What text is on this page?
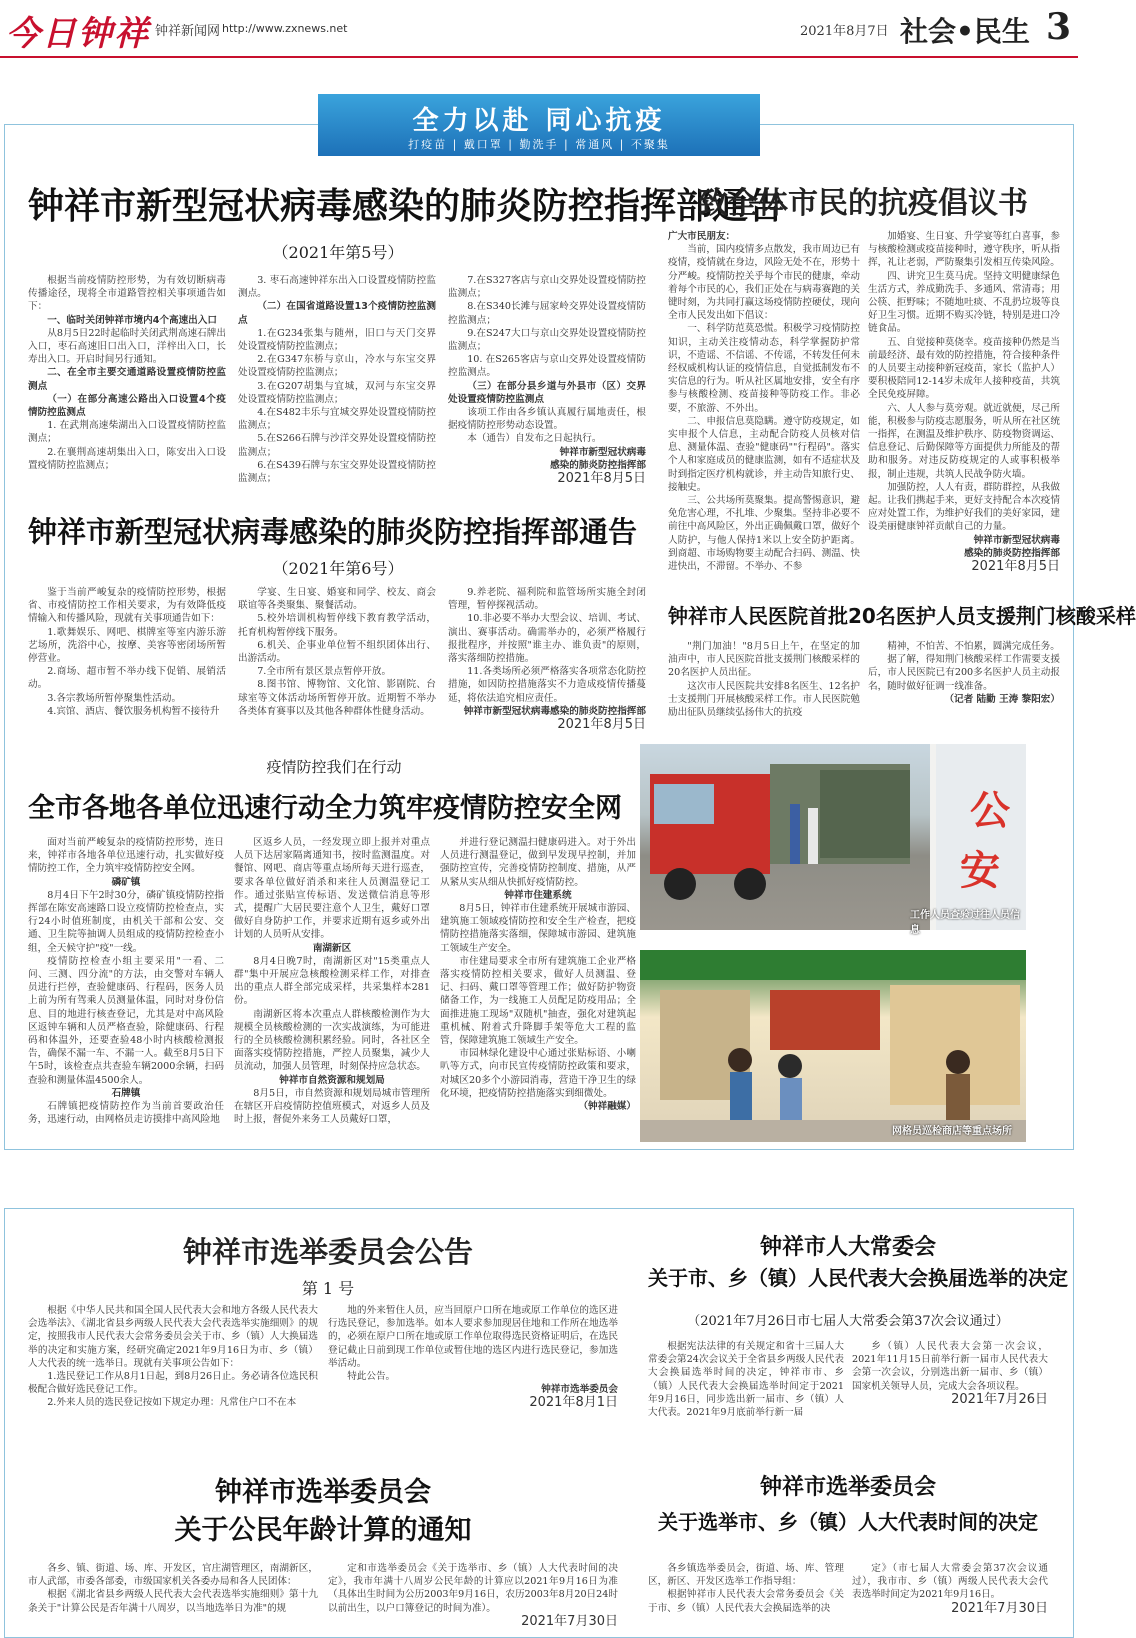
今日钟祥 钟祥新闻网 http://www.zxnews.net	2021年8月7日 社会•民生 3
全力以赴 同心抗疫
打疫苗 | 戴口罩 | 勤洗手 | 常通风 | 不聚集
钟祥市新型冠状病毒感染的肺炎防控指挥部通告
（2021年第5号）

根据当前疫情防控形势，为有效切断病毒传播途径，现将全市道路管控相关事项通告如下：

一、临时关闭钟祥市境内4个高速出入口

从8月5日22时起临时关闭武荆高速石牌出入口，枣石高速旧口出入口，洋梓出入口，长寿出入口。开启时间另行通知。

二、在全市主要交通道路设置疫情防控监测点

（一）在部分高速公路出入口设置4个疫情防控监测点

1. 在武荆高速柴湖出入口设置疫情防控监测点；

2.在襄荆高速胡集出入口，陈安出入口设置疫情防控监测点；

3. 枣石高速钟祥东出入口设置疫情防控监测点。

（二）在国省道路设置13个疫情防控监测点

1.在G234张集与随州，旧口与天门交界处设置疫情防控监测点；

2.在G347东桥与京山，冷水与东宝交界处设置疫情防控监测点；

3.在G207胡集与宜城，双河与东宝交界处设置疫情防控监测点；

4.在S482丰乐与宜城交界处设置疫情防控监测点；

5.在S266石牌与沙洋交界处设置疫情防控监测点；

6.在S439石牌与东宝交界处设置疫情防控监测点；

7.在S327客店与京山交界处设置疫情防控监测点；

8.在S340长滩与屈家岭交界处设置疫情防控监测点；

9.在S247大口与京山交界处设置疫情防控监测点；

10. 在S265客店与京山交界处设置疫情防控监测点。

（三）在部分县乡道与外县市（区）交界处设置疫情防控监测点

该项工作由各乡镇认真履行属地责任，根据疫情防控形势动态设置。

本（通告）自发布之日起执行。

钟祥市新型冠状病毒

感染的肺炎防控指挥部

2021年8月5日

致全体市民的抗疫倡议书

广大市民朋友：

当前，国内疫情多点散发，我市周边已有疫情，疫情就在身边，风险无处不在，形势十分严峻。疫情防控关乎每个市民的健康，牵动着每个市民的心，我们正处在与病毒赛跑的关键时刻，为共同打赢这场疫情防控硬仗，现向全市人民发出如下倡议：

一、科学防范莫恐慌。积极学习疫情防控知识，主动关注疫情动态，科学掌握防护常识，不造谣、不信谣、不传谣，不转发任何未经权威机构认证的疫情信息，自觉抵制发布不实信息的行为。听从社区属地安排，安全有序参与核酸检测、疫苗接种等防疫工作。非必要，不旅游、不外出。

二、申报信息莫隐瞒。遵守防疫规定，如实申报个人信息，主动配合防疫人员核对信息、测量体温、查验"健康码""行程码"。落实个人和家庭成员的健康监测，如有不适症状及时到指定医疗机构就诊，并主动告知旅行史、接触史。

三、公共场所莫聚集。提高警惕意识，避免危害心理，不扎堆、少聚集。坚持非必要不前往中高风险区，外出正确佩戴口罩，做好个人防护，与他人保持1米以上安全防护距离。到商超、市场购物要主动配合扫码、测温、快进快出，不滞留。不举办、不参

加婚宴、生日宴、升学宴等红白喜事，参与核酸检测或疫苗接种时，遵守秩序，听从指挥，礼让老弱，严防聚集引发相互传染风险。

四、讲究卫生莫马虎。坚持文明健康绿色生活方式，养成勤洗手、多通风、常清毒；用公筷、拒野味；不随地吐痰、不乱扔垃圾等良好卫生习惯。近期不购买冷链，特别是进口冷链食品。

五、自觉接种莫侥幸。疫苗接种仍然是当前最经济、最有效的防控措施，符合接种条件的人员要主动接种新冠疫苗，家长（监护人）要积极陪同12-14岁未成年人接种疫苗，共筑全民免疫屏障。

六、人人参与莫旁观。就近就便，尽己所能，积极参与防疫志愿服务，听从所在社区统一指挥，在测温及维护秩序、防疫物资调运、信息登记、后勤保障等方面提供力所能及的帮助和服务。对违反防疫规定的人或事积极举报，制止违规，共筑人民战争防火墙。

加强防控，人人有责，群防群控，从我做起。让我们携起手来，更好支持配合本次疫情应对处置工作，为维护好我们的美好家园，建设美丽健康钟祥贡献自己的力量。

钟祥市新型冠状病毒

感染的肺炎防控指挥部

2021年8月5日

钟祥市新型冠状病毒感染的肺炎防控指挥部通告
（2021年第6号）

鉴于当前严峻复杂的疫情防控形势，根据省、市疫情防控工作相关要求，为有效降低疫情输入和传播风险，现就有关事项通告如下：

1.歌舞娱乐、网吧、棋牌室等室内游乐游艺场所，洗浴中心，按摩、美容等密闭场所暂停营业。

2.商场、超市暂不举办线下促销、展销活动。

3.各宗教场所暂停聚集性活动。

4.宾馆、酒店、餐饮服务机构暂不接待升

学宴、生日宴、婚宴和同学、校友、商会联谊等各类聚集、聚餐活动。

5.校外培训机构暂停线下教育教学活动，托育机构暂停线下服务。

6.机关、企事业单位暂不组织团体出行、出游活动。

7.全市所有景区景点暂停开放。

8.图书馆、博物馆、文化馆、影剧院、台球室等文体活动场所暂停开放。近期暂不举办各类体育赛事以及其他各种群体性健身活动。

9.养老院、福利院和监管场所实施全封闭管理，暂停探视活动。

10.非必要不举办大型会议、培训、考试、演出、赛事活动。确需举办的，必须严格履行报批程序，并按照"谁主办、谁负责"的原则，落实落细防控措施。

11.各类场所必须严格落实各项常态化防控措施，如因防控措施落实不力造成疫情传播蔓延，将依法追究相应责任。

钟祥市新型冠状病毒感染的肺炎防控指挥部

2021年8月5日

钟祥市人民医院首批20名医护人员支援荆门核酸采样

"荆门加油！"8月5日上午，在坚定的加油声中，市人民医院首批支援荆门核酸采样的20名医护人员出征。

这次市人民医院共安排8名医生、12名护士支援荆门开展核酸采样工作。市人民医院勉励出征队员继续弘扬伟大的抗疫

精神，不怕苦、不怕累，圆满完成任务。

据了解，得知荆门核酸采样工作需要支援后，市人民医院已有200多名医护人员主动报名，随时做好征调一线准备。

（记者 陆勤 王涛 黎阳宏）

公
安
工作人员查验过往人员信息
网格员巡检商店等重点场所
疫情防控我们在行动
全市各地各单位迅速行动全力筑牢疫情防控安全网

面对当前严峻复杂的疫情防控形势，连日来，钟祥市各地各单位迅速行动，扎实做好疫情防控工作，全力筑牢疫情防控安全网。

磷矿镇

8月4日下午2时30分，磷矿镇疫情防控指挥部在陈安高速路口设立疫情防控检查点，实行24小时值班制度，由机关干部和公安、交通、卫生院等抽调人员组成的疫情防控检查小组，全天候守护"疫"一线。

疫情防控检查小组主要采用"一看、二问、三测、四分流"的方法，由交警对车辆人员进行拦停，查验健康码、行程码，医务人员上前为所有驾乘人员测量体温，同时对身份信息、目的地进行核查登记，尤其是对中高风险区返钟车辆和人员严格查验，除健康码、行程码和体温外，还要查验48小时内核酸检测报告，确保不漏一车、不漏一人。截至8月5日下午5时，该检查点共查验车辆2000余辆，扫码查验和测量体温4500余人。

石牌镇

石牌镇把疫情防控作为当前首要政治任务，迅速行动，由网格员走访摸排中高风险地

区返乡人员，一经发现立即上报并对重点人员下达居家隔离通知书，按时监测温度。对餐馆、网吧、商店等重点场所每天进行巡查，要求各单位做好消杀和来往人员测温登记工作。通过张贴宣传标语、发送微信消息等形式，提醒广大居民要注意个人卫生，戴好口罩做好自身防护工作，并要求近期有返乡或外出计划的人员听从安排。

南湖新区

8月4日晚7时，南湖新区对"15类重点人群"集中开展应急核酸检测采样工作，对排查出的重点人群全部完成采样，共采集样本281份。

南湖新区将本次重点人群核酸检测作为大规模全员核酸检测的一次实战演练，为可能进行的全员核酸检测积累经验。同时，各社区全面落实疫情防控措施，严控人员聚集，减少人员流动，加强人员管理，时刻保持应急状态。

钟祥市自然资源和规划局

8月5日，市自然资源和规划局城市管理所在辖区开启疫情防控值班模式，对返乡人员及时上报，督促外来务工人员戴好口罩，

并进行登记测温扫健康码进入。对于外出人员进行测温登记，做到早发现早控制，并加强防控宣传，完善疫情防控制度、措施，从严从紧从实从细从快抓好疫情防控。

钟祥市住建系统

8月5日，钟祥市住建系统开展城市游园、建筑施工领域疫情防控和安全生产检查，把疫情防控措施落实落细，保障城市游园、建筑施工领域生产安全。

市住建局要求全市所有建筑施工企业严格落实疫情防控相关要求，做好人员测温、登记、扫码、戴口罩等管理工作；做好防护物资储备工作，为一线施工人员配足防疫用品；全面推进施工现场"双随机"抽查，强化对建筑起重机械、附着式升降脚手架等危大工程的监管，保障建筑施工领域生产安全。

市园林绿化建设中心通过张贴标语、小喇叭等方式，向市民宣传疫情防控政策和要求，对城区20多个小游园消毒，营造干净卫生的绿化环境，把疫情防控措施落实到细微处。

（钟祥融媒）

钟祥市选举委员会公告
第 1 号

根据《中华人民共和国全国人民代表大会和地方各级人民代表大会选举法》、《湖北省县乡两级人民代表大会代表选举实施细则》的规定，按照我市人民代表大会常务委员会关于市、乡（镇）人大换届选举的决定和实施方案，经研究确定2021年9月16日为市、乡（镇）人大代表的统一选举日。现就有关事项公告如下：

1.选民登记工作从8月1日起，到8月26日止。务必请各位选民积极配合做好选民登记工作。

2.外来人员的选民登记按如下规定办理：凡常住户口不在本

地的外来暂住人员，应当回原户口所在地或原工作单位的选区进行选民登记，参加选举。如本人要求参加现居住地和工作所在地选举的，必须在原户口所在地或原工作单位取得选民资格证明后，在选民登记截止日前到现工作单位或暂住地的选区内进行选民登记，参加选举活动。

特此公告。

钟祥市选举委员会

2021年8月1日

钟祥市人大常委会
关于市、乡（镇）人民代表大会换届选举的决定
（2021年7月26日市七届人大常委会第37次会议通过）

根据宪法法律的有关规定和省十三届人大常委会第24次会议关于全省县乡两级人民代表大会换届选举时间的决定，钟祥市市、乡（镇）人民代表大会换届选举时间定于2021年9月16日，同步选出新一届市、乡（镇）人大代表。2021年9月底前举行新一届

乡（镇）人民代表大会第一次会议，2021年11月15日前举行新一届市人民代表大会第一次会议，分别选出新一届市、乡（镇）国家机关领导人员，完成大会各项议程。

2021年7月26日

钟祥市选举委员会
关于公民年龄计算的通知

各乡、镇、街道、场、库、开发区，官庄湖管理区，南湖新区，市人武部，市委各部委，市级国家机关各委办局和各人民团体：

根据《湖北省县乡两级人民代表大会代表选举实施细则》第十九条关于"计算公民是否年满十八周岁，以当地选举日为准"的规

定和市选举委员会《关于选举市、乡（镇）人大代表时间的决定》，我市年满十八周岁公民年龄的计算应以2021年9月16日为准（具体出生时间为公历2003年9月16日，农历2003年8月20日24时以前出生，以户口簿登记的时间为准）。

2021年7月30日

钟祥市选举委员会
关于选举市、乡（镇）人大代表时间的决定

各乡镇选举委员会，街道、场、库、管理区，新区、开发区选举工作指导组：

根据钟祥市人民代表大会常务委员会《关于市、乡（镇）人民代表大会换届选举的决

定》（市七届人大常委会第37次会议通过），我市市、乡（镇）两级人民代表大会代表选举时间定为2021年9月16日。

2021年7月30日
